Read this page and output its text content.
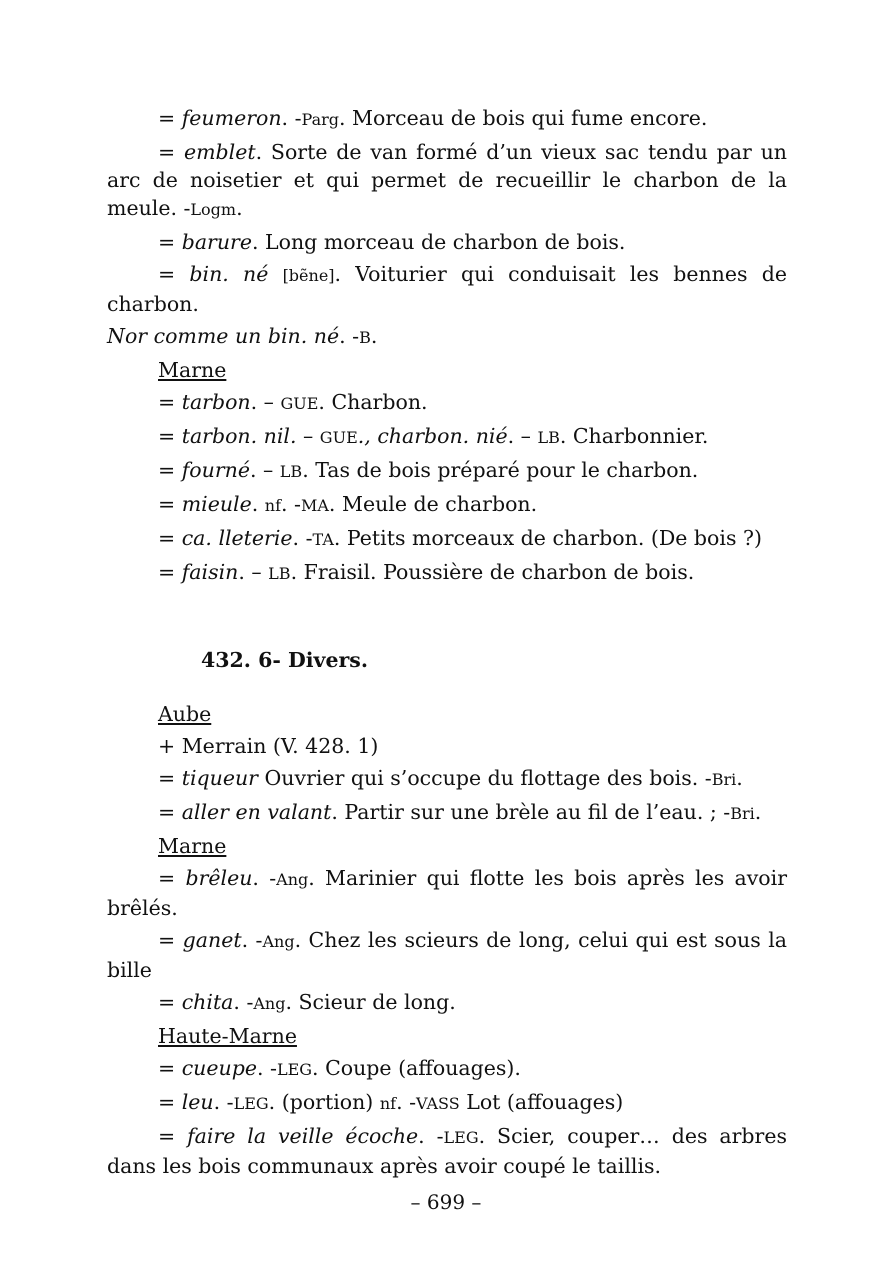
= feumeron. -Parg. Morceau de bois qui fume encore.

= emblet. Sorte de van formé d’un vieux sac tendu par un arc de noisetier et qui permet de recueillir le charbon de la meule. -Logm.

= barure. Long morceau de charbon de bois.

= bin. né [bẽne]. Voiturier qui conduisait les bennes de charbon.

Nor comme un bin. né. -B.

Marne

= tarbon. – GUE. Charbon.

= tarbon. nil. – GUE., charbon. nié. – LB. Charbonnier.

= fourné. – LB. Tas de bois préparé pour le charbon.

= mieule. nf. -MA. Meule de charbon.

= ca. lleterie. -TA. Petits morceaux de charbon. (De bois ?)

= faisin. – LB. Fraisil. Poussière de charbon de bois.

432. 6- Divers.

Aube

+ Merrain (V. 428. 1)

= tiqueur Ouvrier qui s’occupe du flottage des bois. -Bri.

= aller en valant. Partir sur une brèle au fil de l’eau. ; -Bri.

Marne

= brêleu. -Ang. Marinier qui flotte les bois après les avoir brêlés.

= ganet. -Ang. Chez les scieurs de long, celui qui est sous la bille

= chita. -Ang. Scieur de long.

Haute-Marne

= cueupe. -LEG. Coupe (affouages).

= leu. -LEG. (portion) nf. -VASS Lot (affouages)

= faire la veille écoche. -LEG. Scier, couper… des arbres dans les bois communaux après avoir coupé le taillis.

– 699 –
